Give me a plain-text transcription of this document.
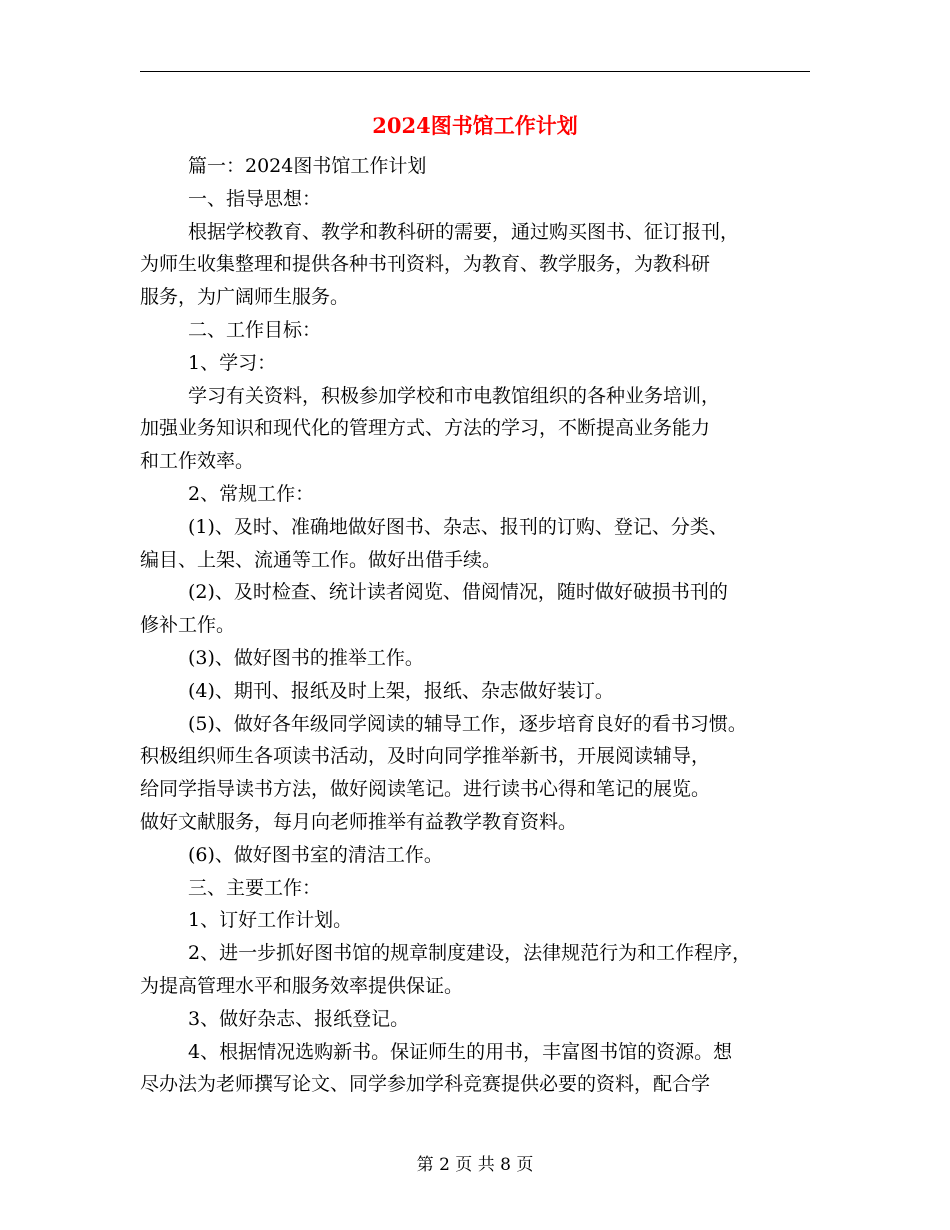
2024图书馆工作计划
篇一：2024图书馆工作计划
一、指导思想：
根据学校教育、教学和教科研的需要，通过购买图书、征订报刊，
为师生收集整理和提供各种书刊资料，为教育、教学服务，为教科研
服务，为广阔师生服务。
二、工作目标：
1、学习：
学习有关资料，积极参加学校和市电教馆组织的各种业务培训，
加强业务知识和现代化的管理方式、方法的学习，不断提高业务能力
和工作效率。
2、常规工作：
(1)、及时、准确地做好图书、杂志、报刊的订购、登记、分类、
编目、上架、流通等工作。做好出借手续。
(2)、及时检查、统计读者阅览、借阅情况，随时做好破损书刊的
修补工作。
(3)、做好图书的推举工作。
(4)、期刊、报纸及时上架，报纸、杂志做好装订。
(5)、做好各年级同学阅读的辅导工作，逐步培育良好的看书习惯。
积极组织师生各项读书活动，及时向同学推举新书，开展阅读辅导，
给同学指导读书方法，做好阅读笔记。进行读书心得和笔记的展览。
做好文献服务，每月向老师推举有益教学教育资料。
(6)、做好图书室的清洁工作。
三、主要工作：
1、订好工作计划。
2、进一步抓好图书馆的规章制度建设，法律规范行为和工作程序，
为提高管理水平和服务效率提供保证。
3、做好杂志、报纸登记。
4、根据情况选购新书。保证师生的用书，丰富图书馆的资源。想
尽办法为老师撰写论文、同学参加学科竞赛提供必要的资料，配合学
第 2 页 共 8 页
